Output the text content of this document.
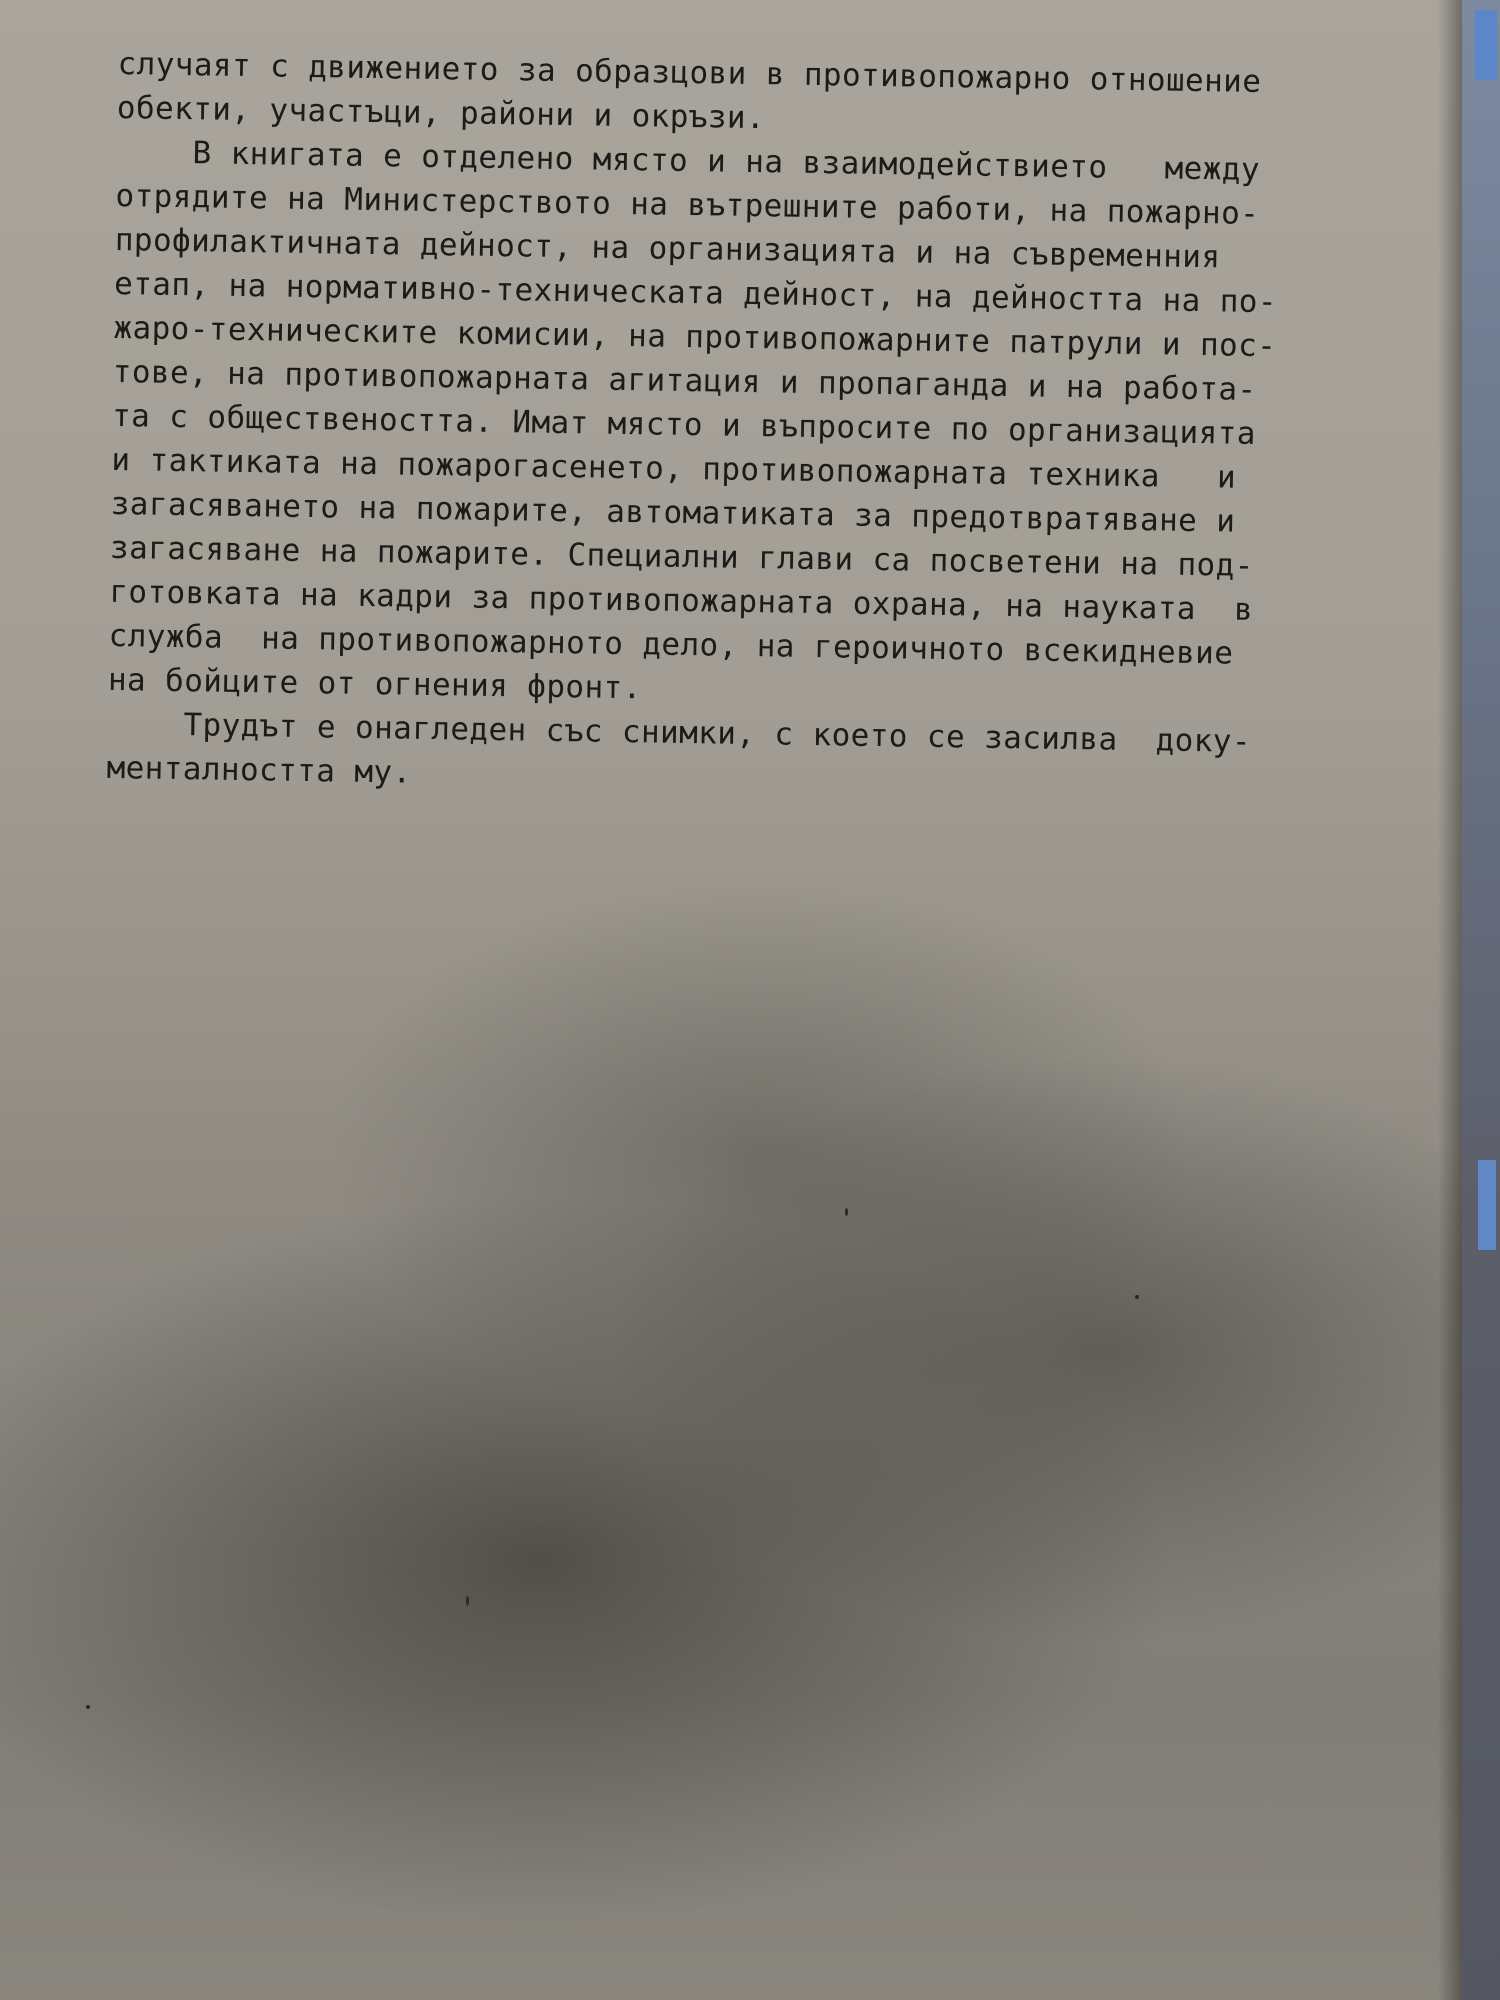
случаят с движението за образцови в противопожарно отношение
обекти, участъци, райони и окръзи.
В книгата е отделено място и на взаимодействието   между
отрядите на Министерството на вътрешните работи, на пожарно-
профилактичната дейност, на организацията и на съвременния
етап, на нормативно-техническата дейност, на дейността на по-
жаро-техническите комисии, на противопожарните патрули и пос-
тове, на противопожарната агитация и пропаганда и на работа-
та с обществеността. Имат място и въпросите по организацията
и тактиката на пожарогасенето, противопожарната техника   и
загасяването на пожарите, автоматиката за предотвратяване и
загасяване на пожарите. Специални глави са посветени на под-
готовката на кадри за противопожарната охрана, на науката  в
служба  на противопожарното дело, на героичното всекидневие
на бойците от огнения фронт.
Трудът е онагледен със снимки, с което се засилва  доку-
менталността му.
